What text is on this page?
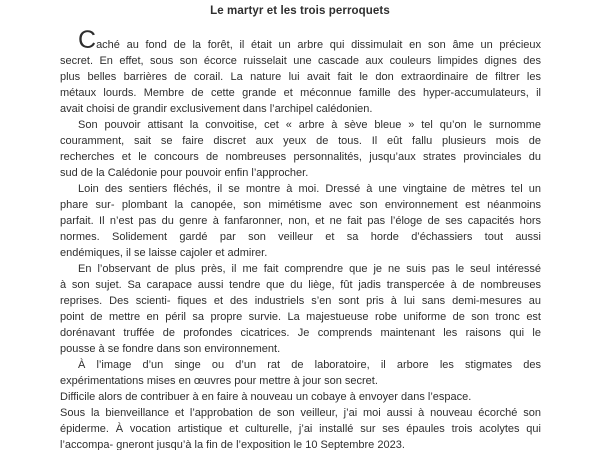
Le martyr et les trois perroquets
Caché au fond de la forêt, il était un arbre qui dissimulait en son âme un précieux
secret. En effet, sous son écorce ruisselait une cascade aux couleurs limpides dignes des
plus belles barrières de corail. La nature lui avait fait le don extraordinaire de filtrer les
métaux lourds. Membre de cette grande et méconnue famille des hyper-accumulateurs, il
avait choisi de grandir exclusivement dans l’archipel calédonien.
Son pouvoir attisant la convoitise, cet « arbre à sève bleue » tel qu’on le surnomme
couramment, sait se faire discret aux yeux de tous. Il eût fallu plusieurs mois de
recherches et le concours de nombreuses personnalités, jusqu’aux strates provinciales du
sud de la Calédonie pour pouvoir enfin l’approcher.
Loin des sentiers fléchés, il se montre à moi. Dressé à une vingtaine de mètres tel un
phare sur- plombant la canopée, son mimétisme avec son environnement est néanmoins
parfait. Il n’est pas du genre à fanfaronner, non, et ne fait pas l’éloge de ses capacités hors
normes. Solidement gardé par son veilleur et sa horde d’échassiers tout aussi
endémiques, il se laisse cajoler et admirer.
En l’observant de plus près, il me fait comprendre que je ne suis pas le seul intéressé
à son sujet. Sa carapace aussi tendre que du liège, fût jadis transpercée à de nombreuses
reprises. Des scienti- fiques et des industriels s’en sont pris à lui sans demi-mesures au
point de mettre en péril sa propre survie. La majestueuse robe uniforme de son tronc est
dorénavant truffée de profondes cicatrices. Je comprends maintenant les raisons qui le
pousse à se fondre dans son environnement.
À l’image d’un singe ou d’un rat de laboratoire, il arbore les stigmates des
expérimentations mises en œuvres pour mettre à jour son secret.
Difficile alors de contribuer à en faire à nouveau un cobaye à envoyer dans l’espace.
Sous la bienveillance et l’approbation de son veilleur, j’ai moi aussi à nouveau écorché son
épiderme. À vocation artistique et culturelle, j’ai installé sur ses épaules trois acolytes qui
l’accompa- gneront jusqu’à la fin de l’exposition le 10 Septembre 2023.
